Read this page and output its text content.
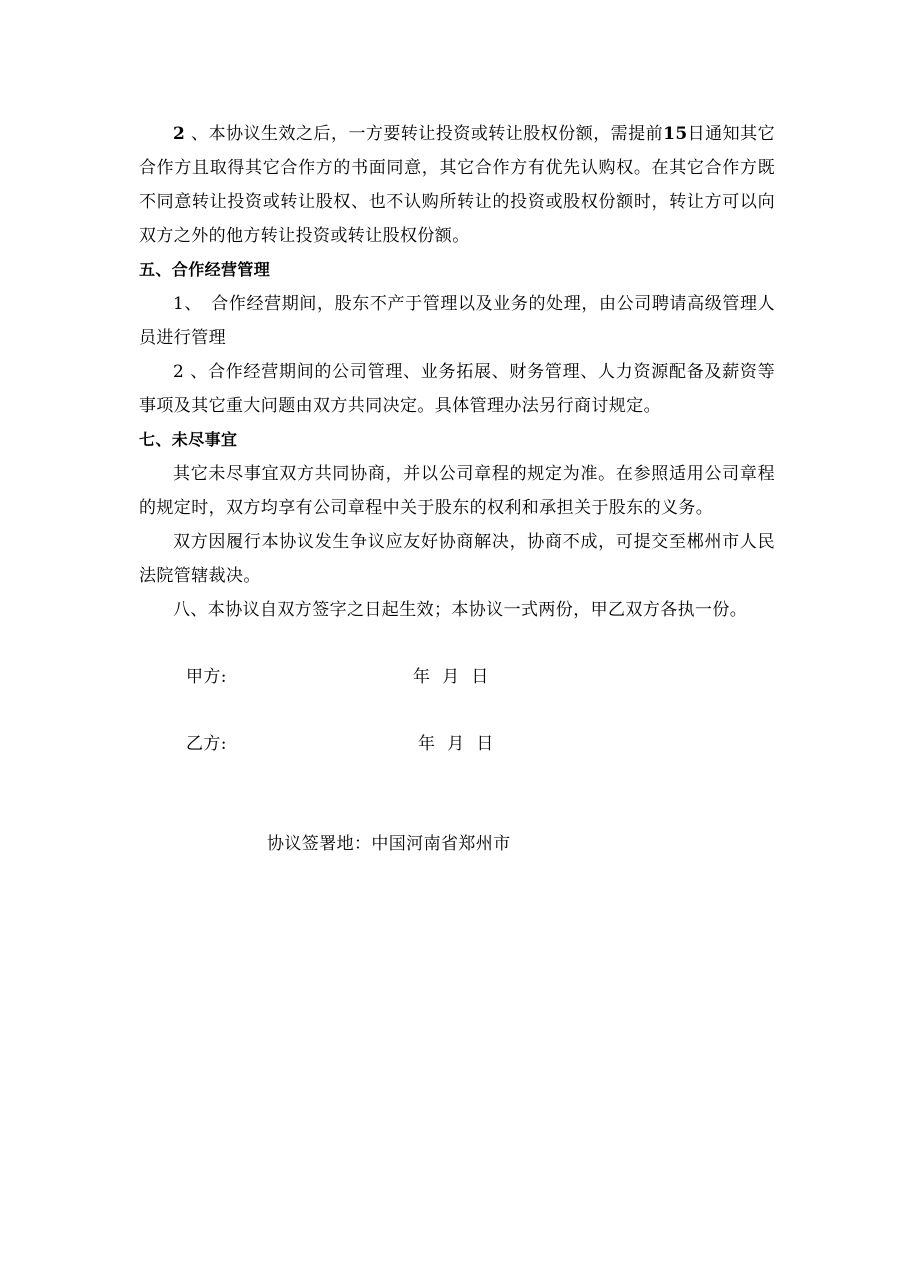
2 、本协议生效之后，一方要转让投资或转让股权份额，需提前15日通知其它合作方且取得其它合作方的书面同意，其它合作方有优先认购权。在其它合作方既不同意转让投资或转让股权、也不认购所转让的投资或股权份额时，转让方可以向双方之外的他方转让投资或转让股权份额。

五、合作经营管理

1、　合作经营期间，股东不产于管理以及业务的处理，由公司聘请高级管理人员进行管理

2 、合作经营期间的公司管理、业务拓展、财务管理、人力资源配备及薪资等事项及其它重大问题由双方共同决定。具体管理办法另行商讨规定。

七、未尽事宜

其它未尽事宜双方共同协商，并以公司章程的规定为准。在参照适用公司章程的规定时，双方均享有公司章程中关于股东的权利和承担关于股东的义务。

双方因履行本协议发生争议应友好协商解决，协商不成，可提交至郴州市人民法院管辖裁决。

八、本协议自双方签字之日起生效；本协议一式两份，甲乙双方各执一份。

甲方:	年 月 日
乙方:	年 月 日
协议签署地：中国河南省郑州市
